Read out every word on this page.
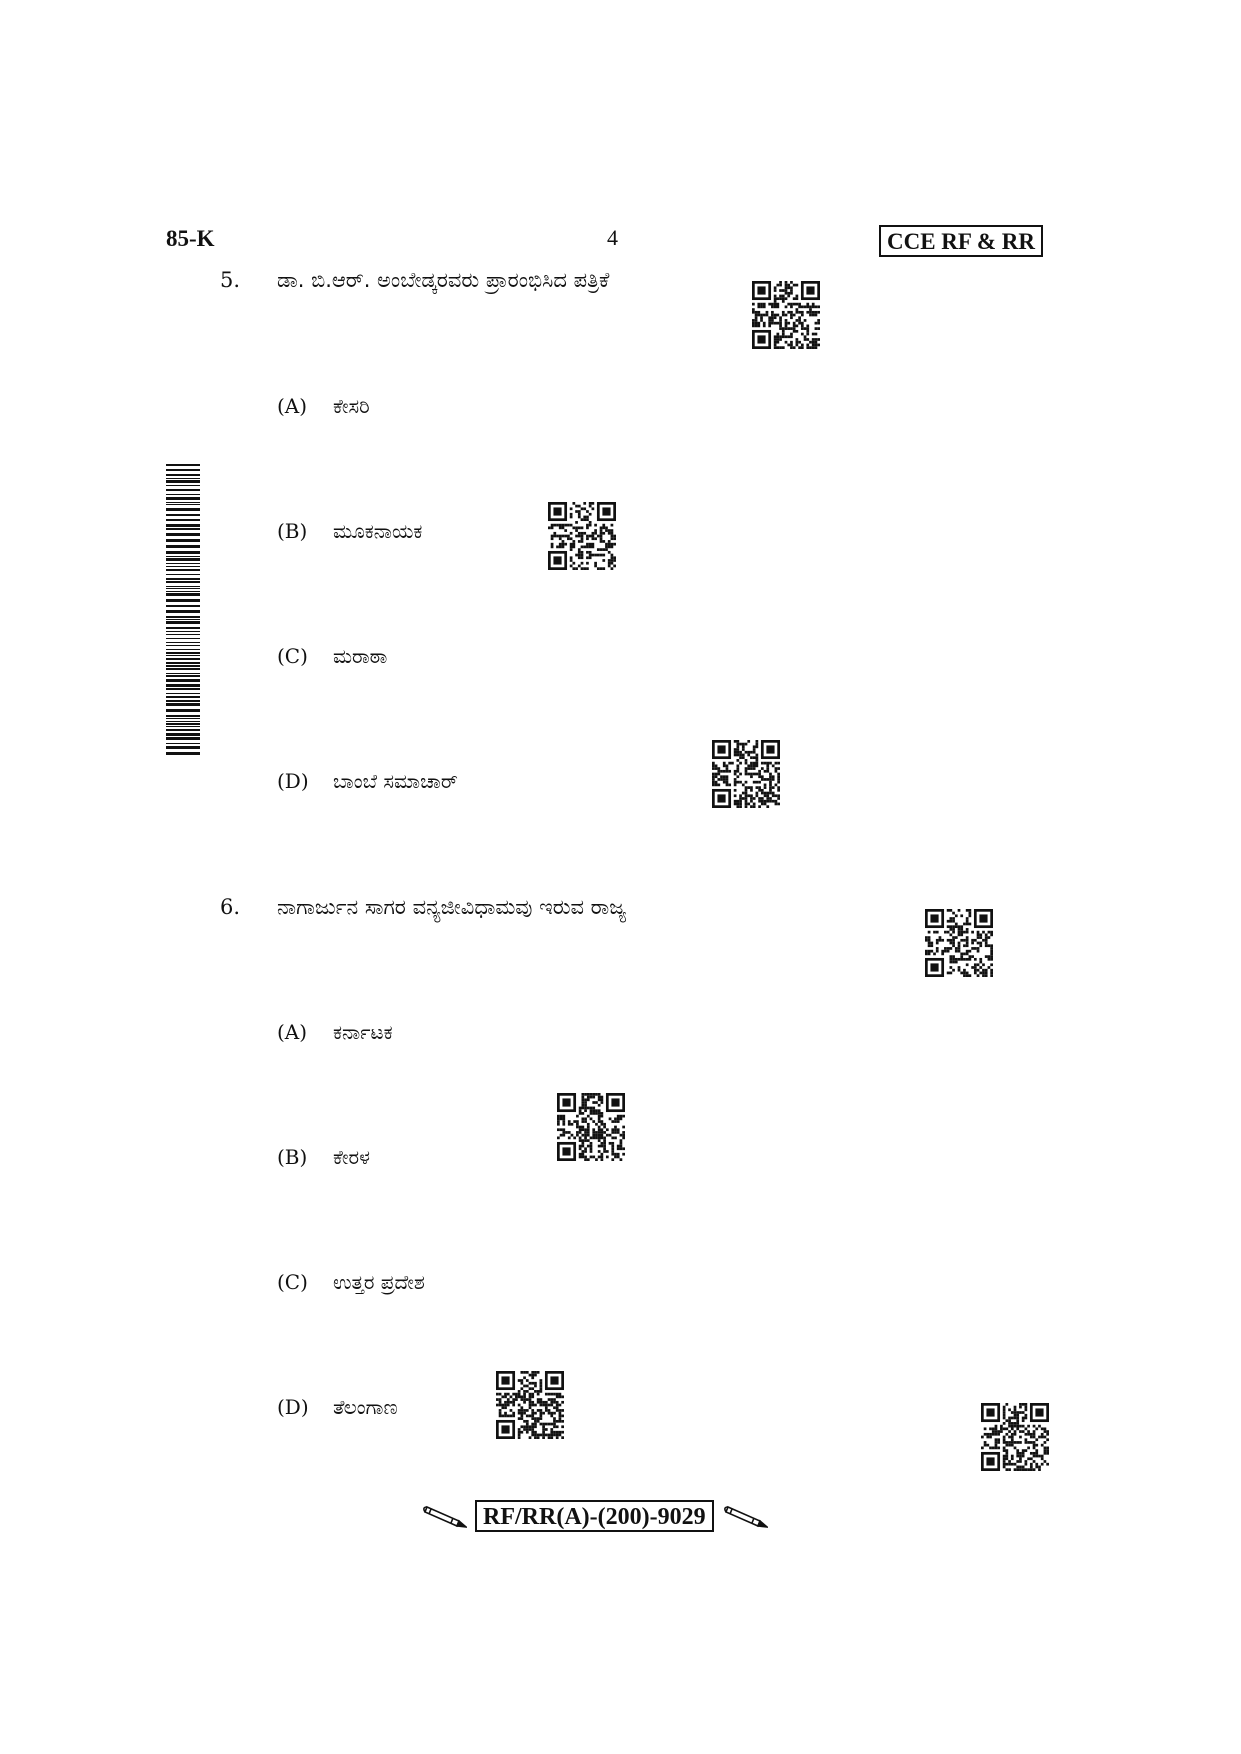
85-K	4	CCE RF & RR
5. ಡಾ. ಬಿ.ಆರ್. ಅಂಬೇಡ್ಕರವರು ಪ್ರಾರಂಭಿಸಿದ ಪತ್ರಿಕೆ
(A)	ಕೇಸರಿ
(B)	ಮೂಕನಾಯಕ
(C)	ಮರಾಠಾ
(D)	ಬಾಂಬೆ ಸಮಾಚಾರ್
6. ನಾಗಾರ್ಜುನ ಸಾಗರ ವನ್ಯಜೀವಿಧಾಮವು ಇರುವ ರಾಜ್ಯ
(A)	ಕರ್ನಾಟಕ
(B)	ಕೇರಳ
(C)	ಉತ್ತರ ಪ್ರದೇಶ
(D)	ತೆಲಂಗಾಣ
RF/RR(A)-(200)-9029
